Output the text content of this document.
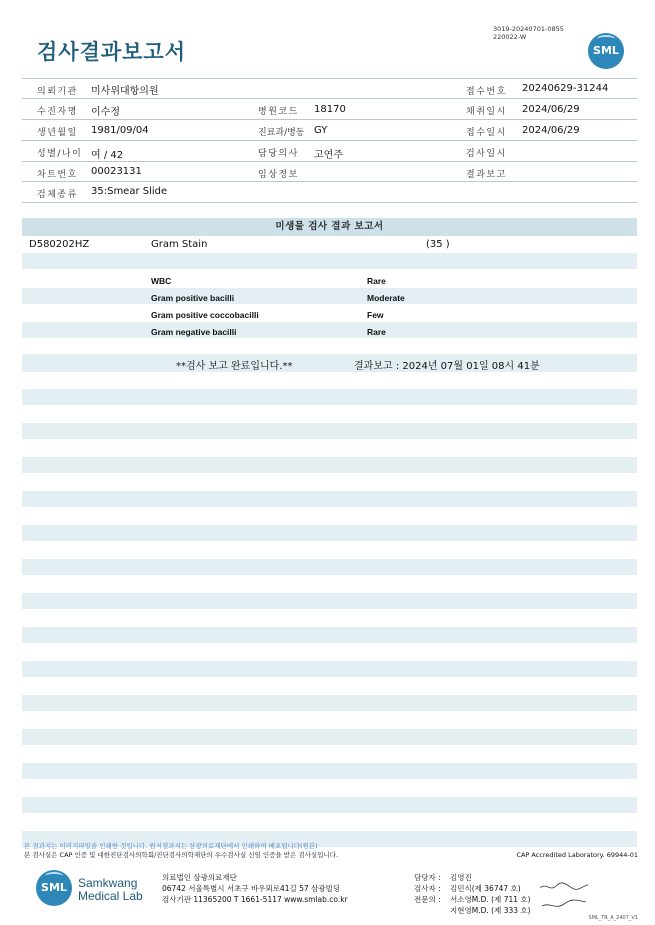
검사결과보고서
3019-20240701-0855
220022-W
SML
의뢰기관 미사위대항의원	접수번호 20240629-31244
수진자명 이수정	병원코드 18170	채취일시 2024/06/29
생년월일 1981/09/04	진료과/병동 GY	접수일시 2024/06/29
성별/나이 여 / 42	담당의사 고연주	검사일시
차트번호 00023131	임상정보	결과보고
검체종류 35:Smear Slide
미생물 검사 결과 보고서
D580202HZ	Gram Stain	(35 )
WBC	Rare
Gram positive bacilli	Moderate
Gram positive coccobacilli	Few
Gram negative bacilli	Rare
**검사 보고 완료입니다.**	결과보고 : 2024년 07월 01일 08시 41분
본 결과지는 이미지파일을 인쇄한 것입니다. 원식결과지는 삼광의료재단에서 인쇄하여 배포됩니다(원본)
본 검사실은 CAP 인증 및 대한진단검사의학회/진단검사의학재단의 우수검사실 신임 인증을 받은 검사실입니다.	CAP Accredited Laboratory. 69944-01
SML Samkwang
Medical Lab
의료법인 삼광의료재단
06742 서울특별시 서초구 바우뫼로41길 57 삼광빌딩
검사기관 11365200 T 1661-5117 www.smlab.co.kr
담당자 : 김영진
검사자 : 김민식(제 36747 호)
전문의 : 서소영M.D. (제 711 호)
지현영M.D. (제 333 호)
SML_TR_A_2407_V1
